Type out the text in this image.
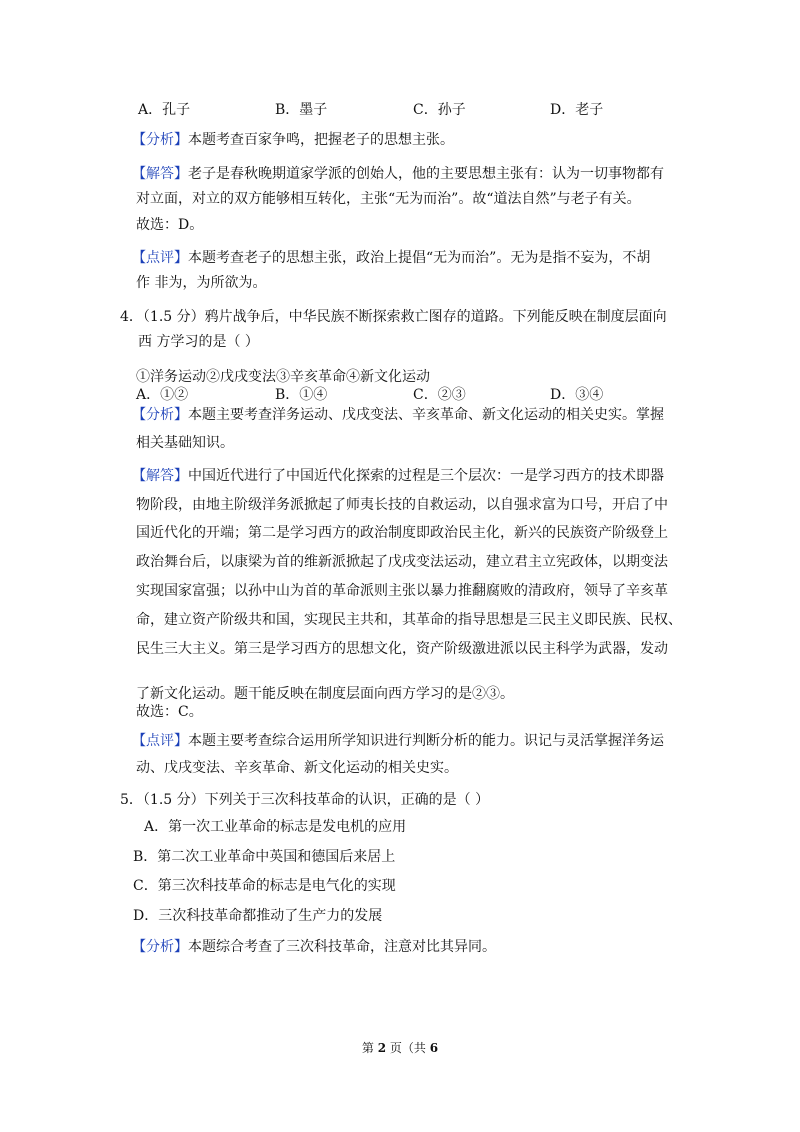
A．孔子	B．墨子	C．孙子	D．老子
【分析】本题考查百家争鸣，把握老子的思想主张。
【解答】老子是春秋晚期道家学派的创始人，他的主要思想主张有：认为一切事物都有
对立面，对立的双方能够相互转化，主张“无为而治”。故“道法自然”与老子有关。
故选：D。
【点评】本题考查老子的思想主张，政治上提倡“无为而治”。无为是指不妄为，不胡
作 非为，为所欲为。
4．（1.5 分）鸦片战争后，中华民族不断探索救亡图存的道路。下列能反映在制度层面向
西 方学习的是（ ）
①洋务运动②戊戌变法③辛亥革命④新文化运动
A．①②	B．①④	C．②③	D．③④
【分析】本题主要考查洋务运动、戊戌变法、辛亥革命、新文化运动的相关史实。掌握
相关基础知识。
【解答】中国近代进行了中国近代化探索的过程是三个层次：一是学习西方的技术即器
物阶段，由地主阶级洋务派掀起了师夷长技的自救运动，以自强求富为口号，开启了中
国近代化的开端；第二是学习西方的政治制度即政治民主化，新兴的民族资产阶级登上
政治舞台后，以康梁为首的维新派掀起了戊戌变法运动，建立君主立宪政体，以期变法
实现国家富强；以孙中山为首的革命派则主张以暴力推翻腐败的清政府，领导了辛亥革
命，建立资产阶级共和国，实现民主共和，其革命的指导思想是三民主义即民族、民权、
民生三大主义。第三是学习西方的思想文化，资产阶级激进派以民主科学为武器，发动
了新文化运动。题干能反映在制度层面向西方学习的是②③。
故选：C。
【点评】本题主要考查综合运用所学知识进行判断分析的能力。识记与灵活掌握洋务运
动、戊戌变法、辛亥革命、新文化运动的相关史实。
5．（1.5 分）下列关于三次科技革命的认识，正确的是（ ）
A．第一次工业革命的标志是发电机的应用
B．第二次工业革命中英国和德国后来居上
C．第三次科技革命的标志是电气化的实现
D．三次科技革命都推动了生产力的发展
【分析】本题综合考查了三次科技革命，注意对比其异同。
第 2 页（共 6
